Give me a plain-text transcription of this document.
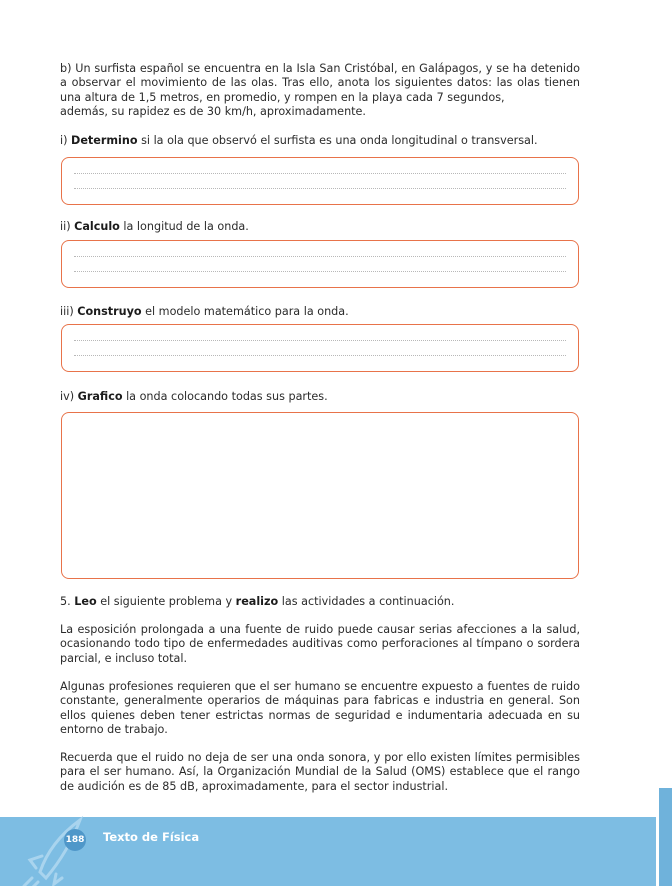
b) Un surfista español se encuentra en la Isla San Cristóbal, en Galápagos, y se ha detenido a observar el movimiento de las olas. Tras ello, anota los siguientes datos: las olas tienen una altura de 1,5 metros, en promedio, y rompen en la playa cada 7 segundos,
además, su rapidez es de 30 km/h, aproximadamente.

i) Determino si la ola que observó el surfista es una onda longitudinal o transversal.

ii) Calculo la longitud de la onda.

iii) Construyo el modelo matemático para la onda.

iv) Grafico la onda colocando todas sus partes.

5. Leo el siguiente problema y realizo las actividades a continuación.

La esposición prolongada a una fuente de ruido puede causar serias afecciones a la salud, ocasionando todo tipo de enfermedades auditivas como perforaciones al tímpano o sordera parcial, e incluso total.

Algunas profesiones requieren que el ser humano se encuentre expuesto a fuentes de ruido constante, generalmente operarios de máquinas para fabricas e industria en general. Son ellos quienes deben tener estrictas normas de seguridad e indumentaria adecuada en su entorno de trabajo.

Recuerda que el ruido no deja de ser una onda sonora, y por ello existen límites permisibles para el ser humano. Así, la Organización Mundial de la Salud (OMS) establece que el rango de audición es de 85 dB, aproximadamente, para el sector industrial.

188 Texto de Física
